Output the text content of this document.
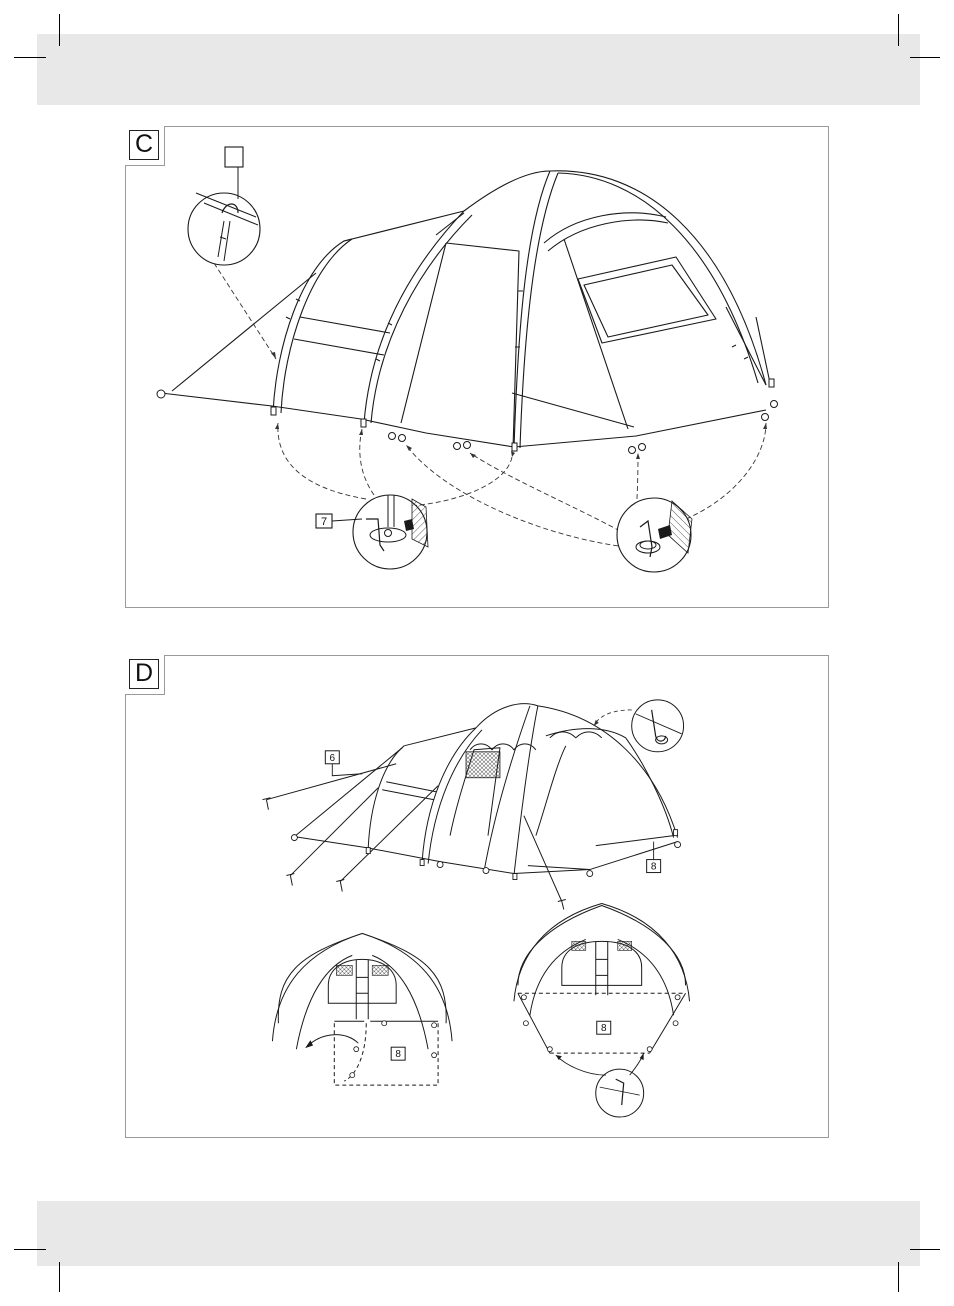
C
7
D
6
8
8
8
